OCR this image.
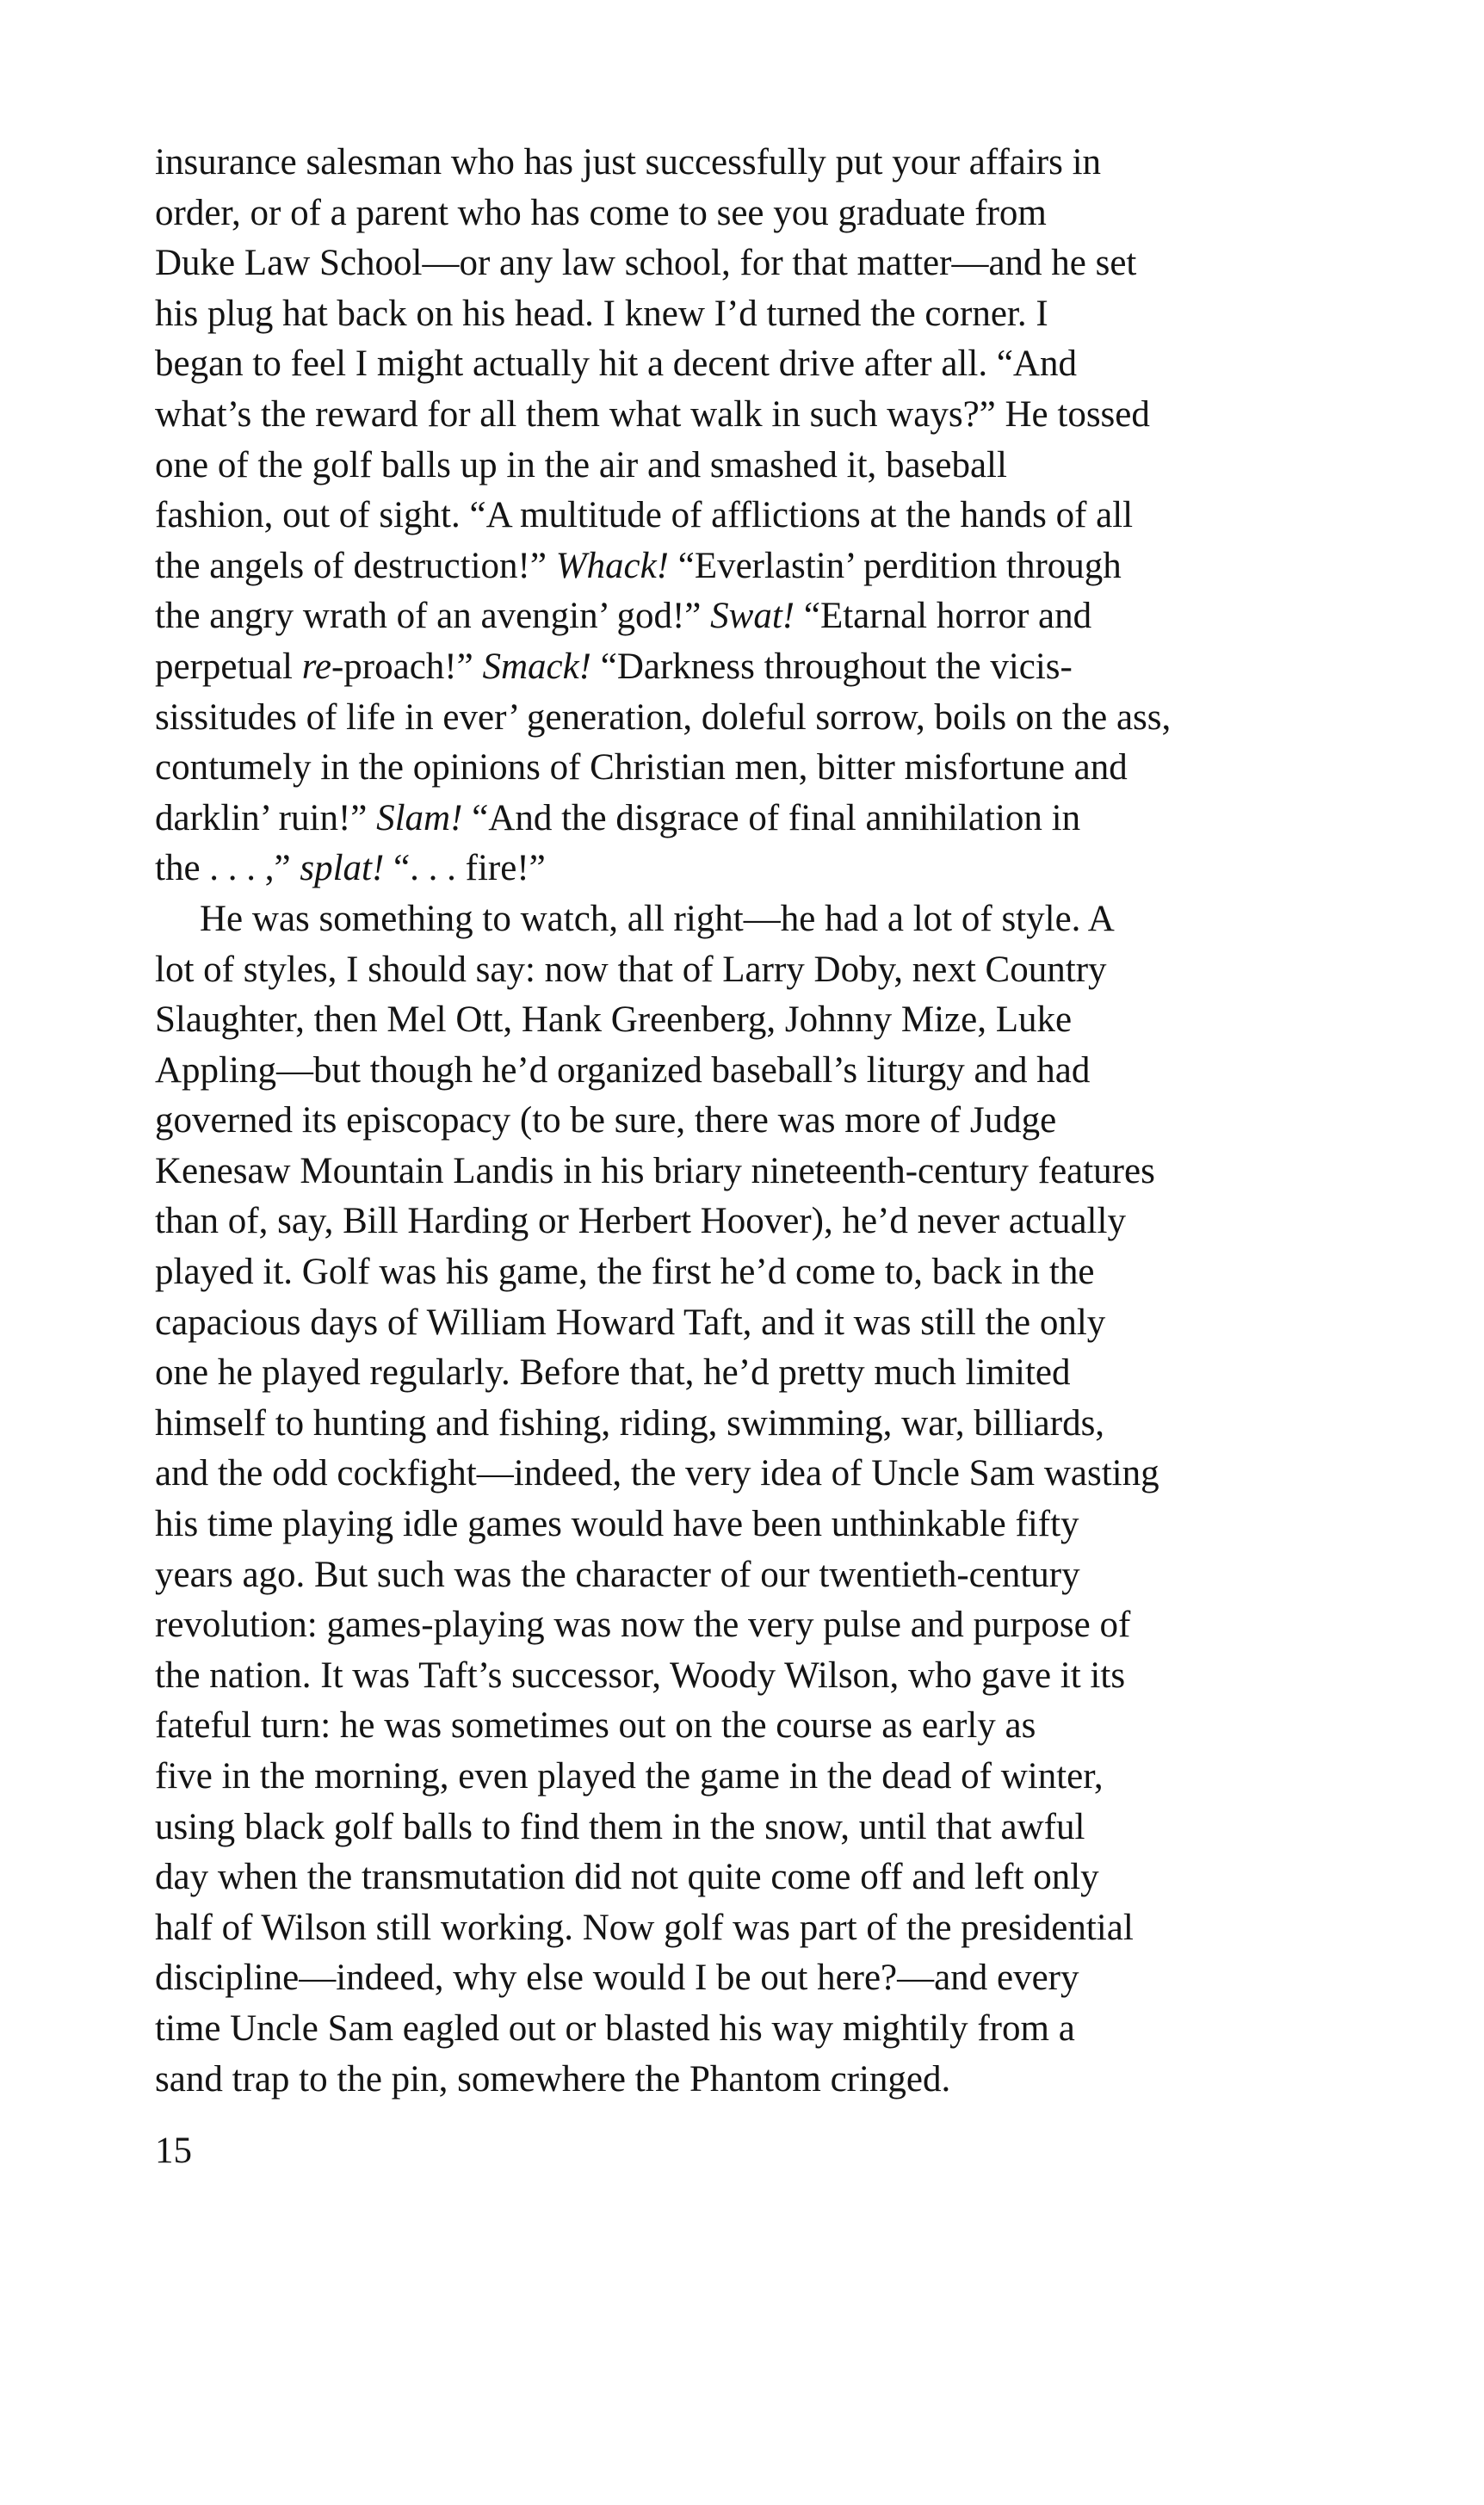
insurance salesman who has just successfully put your affairs in
order, or of a parent who has come to see you graduate from
Duke Law School—or any law school, for that matter—and he set
his plug hat back on his head. I knew I’d turned the corner. I
began to feel I might actually hit a decent drive after all. “And
what’s the reward for all them what walk in such ways?” He tossed
one of the golf balls up in the air and smashed it, baseball
fashion, out of sight. “A multitude of afflictions at the hands of all
the angels of destruction!” Whack! “Everlastin’ perdition through
the angry wrath of an avengin’ god!” Swat! “Etarnal horror and
perpetual re-proach!” Smack! “Darkness throughout the vicis-
sissitudes of life in ever’ generation, doleful sorrow, boils on the ass,
contumely in the opinions of Christian men, bitter misfortune and
darklin’ ruin!” Slam! “And the disgrace of final annihilation in
the . . . ,” splat! “. . . fire!”
He was something to watch, all right—he had a lot of style. A
lot of styles, I should say: now that of Larry Doby, next Country
Slaughter, then Mel Ott, Hank Greenberg, Johnny Mize, Luke
Appling—but though he’d organized baseball’s liturgy and had
governed its episcopacy (to be sure, there was more of Judge
Kenesaw Mountain Landis in his briary nineteenth-century features
than of, say, Bill Harding or Herbert Hoover), he’d never actually
played it. Golf was his game, the first he’d come to, back in the
capacious days of William Howard Taft, and it was still the only
one he played regularly. Before that, he’d pretty much limited
himself to hunting and fishing, riding, swimming, war, billiards,
and the odd cockfight—indeed, the very idea of Uncle Sam wasting
his time playing idle games would have been unthinkable fifty
years ago. But such was the character of our twentieth-century
revolution: games-playing was now the very pulse and purpose of
the nation. It was Taft’s successor, Woody Wilson, who gave it its
fateful turn: he was sometimes out on the course as early as
five in the morning, even played the game in the dead of winter,
using black golf balls to find them in the snow, until that awful
day when the transmutation did not quite come off and left only
half of Wilson still working. Now golf was part of the presidential
discipline—indeed, why else would I be out here?—and every
time Uncle Sam eagled out or blasted his way mightily from a
sand trap to the pin, somewhere the Phantom cringed.
15
